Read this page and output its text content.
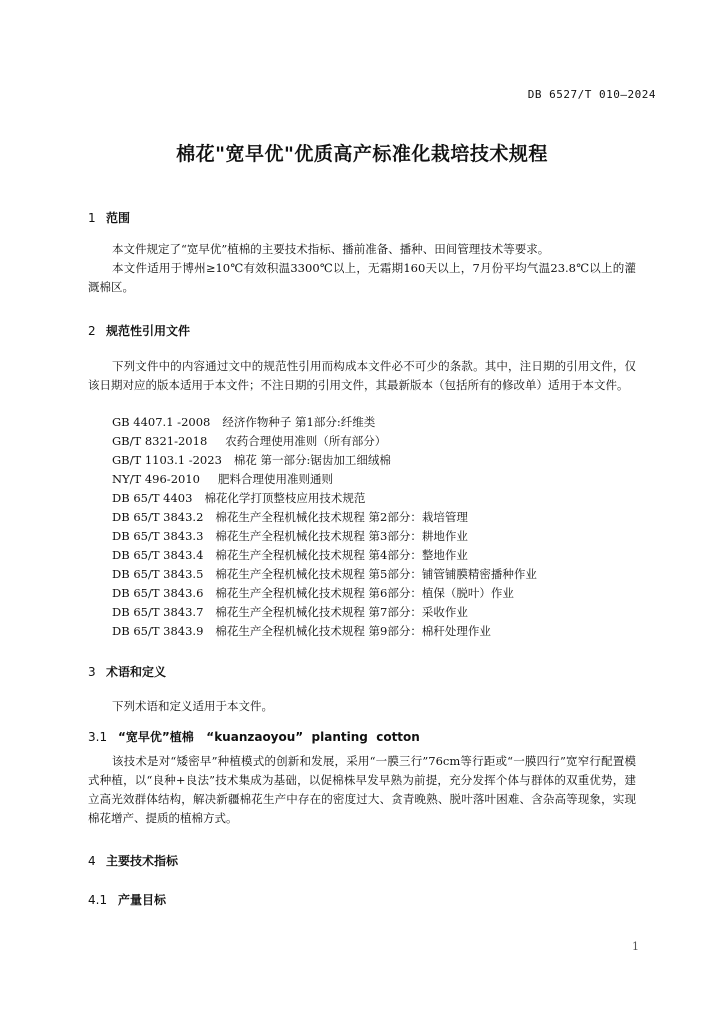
DB 6527/T 010—2024
棉花"宽早优"优质高产标准化栽培技术规程
1 范围
本文件规定了“宽早优”植棉的主要技术指标、播前准备、播种、田间管理技术等要求。
本文件适用于博州≥10℃有效积温3300℃以上，无霜期160天以上，7月份平均气温23.8℃以上的灌溉棉区。
2 规范性引用文件
下列文件中的内容通过文中的规范性引用而构成本文件必不可少的条款。其中，注日期的引用文件，仅该日期对应的版本适用于本文件；不注日期的引用文件，其最新版本（包括所有的修改单）适用于本文件。
GB 4407.1 -2008 经济作物种子 第1部分:纤维类
GB/T 8321-2018 农药合理使用准则（所有部分）
GB/T 1103.1 -2023 棉花 第一部分:锯齿加工细绒棉
NY/T 496-2010 肥料合理使用准则通则
DB 65/T 4403 棉花化学打顶整枝应用技术规范
DB 65/T 3843.2 棉花生产全程机械化技术规程 第2部分：栽培管理
DB 65/T 3843.3 棉花生产全程机械化技术规程 第3部分：耕地作业
DB 65/T 3843.4 棉花生产全程机械化技术规程 第4部分：整地作业
DB 65/T 3843.5 棉花生产全程机械化技术规程 第5部分：铺管铺膜精密播种作业
DB 65/T 3843.6 棉花生产全程机械化技术规程 第6部分：植保（脱叶）作业
DB 65/T 3843.7 棉花生产全程机械化技术规程 第7部分：采收作业
DB 65/T 3843.9 棉花生产全程机械化技术规程 第9部分：棉秆处理作业
3 术语和定义
下列术语和定义适用于本文件。
3.1 “宽早优”植棉   “kuanzaoyou”  planting  cotton
该技术是对“矮密早”种植模式的创新和发展，采用“一膜三行”76cm等行距或“一膜四行”宽窄行配置模式种植，以“良种+良法”技术集成为基础，以促棉株早发早熟为前提，充分发挥个体与群体的双重优势，建立高光效群体结构，解决新疆棉花生产中存在的密度过大、贪青晚熟、脱叶落叶困难、含杂高等现象，实现棉花增产、提质的植棉方式。
4 主要技术指标
4.1 产量目标
1
